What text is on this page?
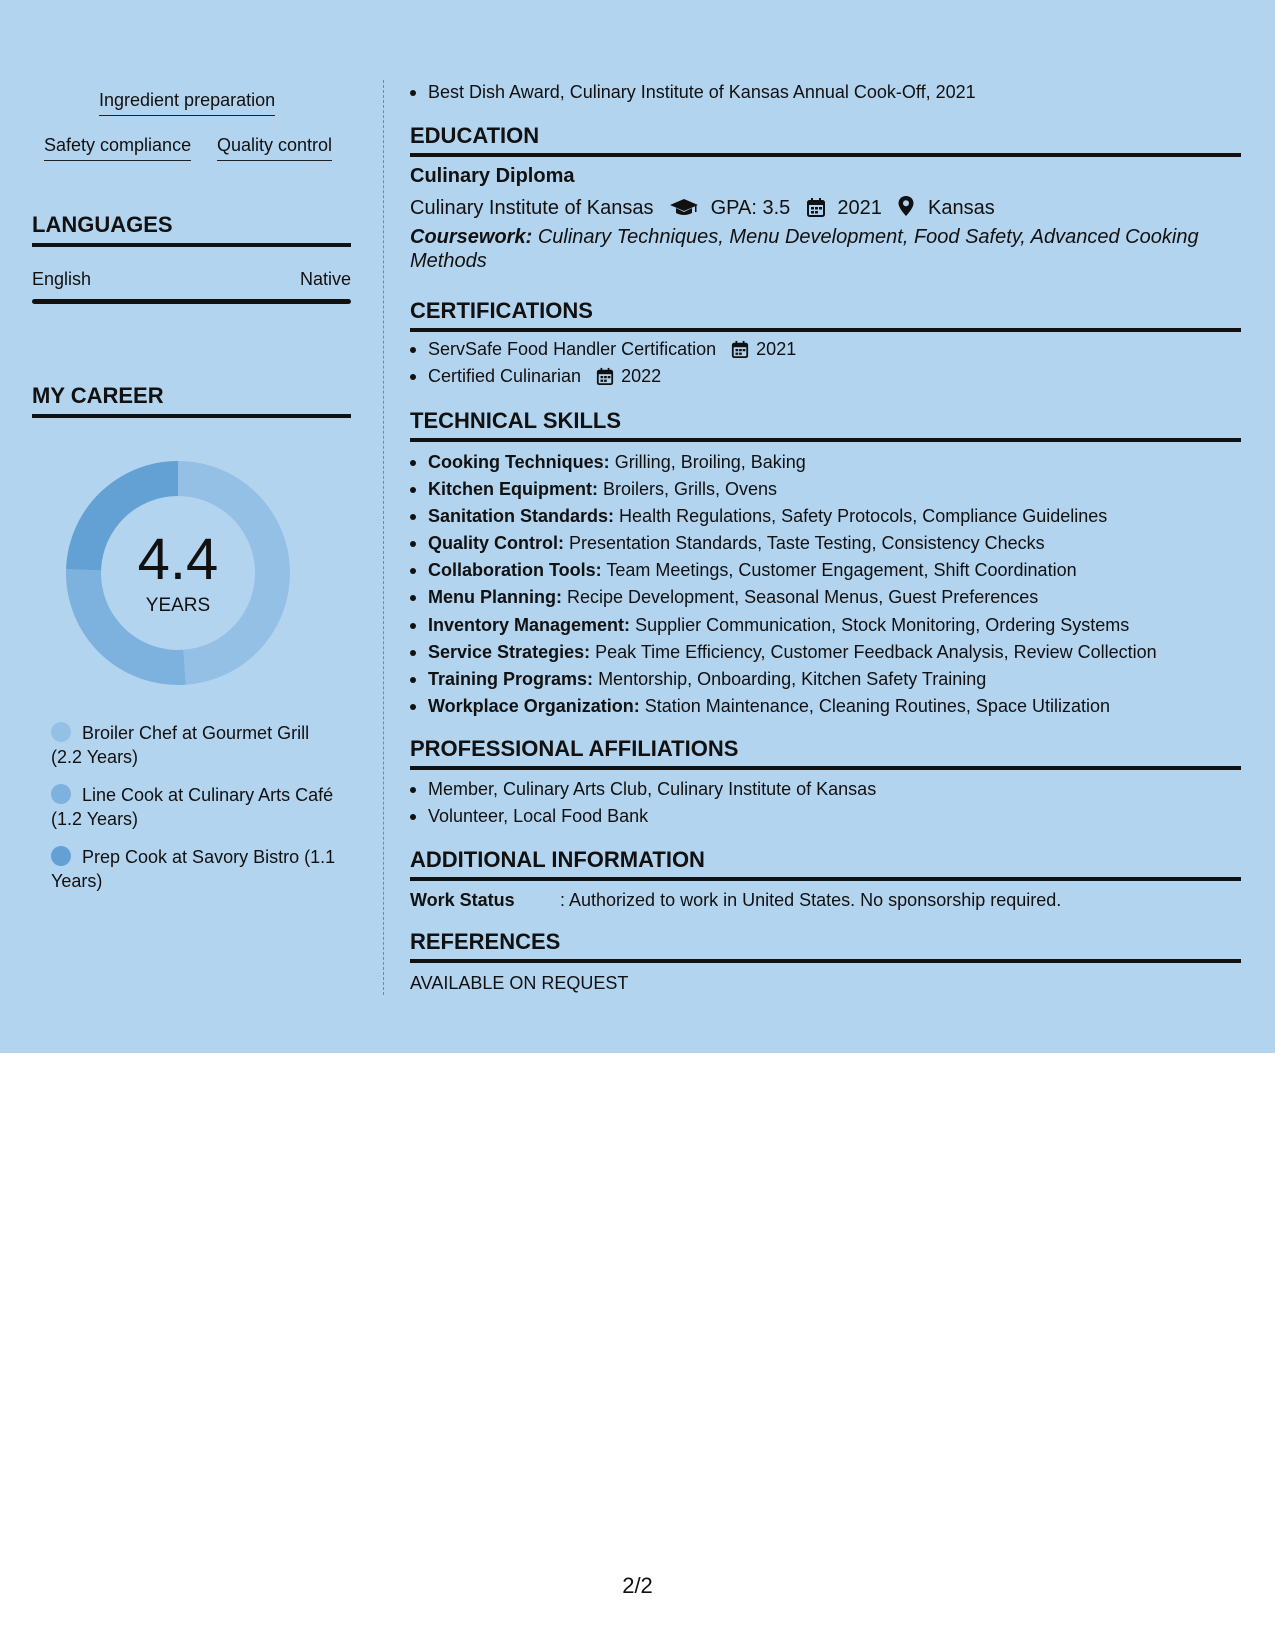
Ingredient preparation
Safety compliance Quality control
LANGUAGES
English	Native
MY CAREER
4.4
YEARS
Broiler Chef at Gourmet Grill (2.2 Years)
Line Cook at Culinary Arts Café (1.2 Years)
Prep Cook at Savory Bistro (1.1 Years)
Best Dish Award, Culinary Institute of Kansas Annual Cook-Off, 2021
EDUCATION
Culinary Diploma
Culinary Institute of Kansas	GPA: 3.5 2021 Kansas
Coursework: Culinary Techniques, Menu Development, Food Safety, Advanced Cooking
Methods
CERTIFICATIONS
ServSafe Food Handler Certification 2021
Certified Culinarian 2022
TECHNICAL SKILLS
Cooking Techniques: Grilling, Broiling, Baking
Kitchen Equipment: Broilers, Grills, Ovens
Sanitation Standards: Health Regulations, Safety Protocols, Compliance Guidelines
Quality Control: Presentation Standards, Taste Testing, Consistency Checks
Collaboration Tools: Team Meetings, Customer Engagement, Shift Coordination
Menu Planning: Recipe Development, Seasonal Menus, Guest Preferences
Inventory Management: Supplier Communication, Stock Monitoring, Ordering Systems
Service Strategies: Peak Time Efficiency, Customer Feedback Analysis, Review Collection
Training Programs: Mentorship, Onboarding, Kitchen Safety Training
Workplace Organization: Station Maintenance, Cleaning Routines, Space Utilization
PROFESSIONAL AFFILIATIONS
Member, Culinary Arts Club, Culinary Institute of Kansas
Volunteer, Local Food Bank
ADDITIONAL INFORMATION
Work Status	: Authorized to work in United States. No sponsorship required.
REFERENCES
AVAILABLE ON REQUEST
2/2
